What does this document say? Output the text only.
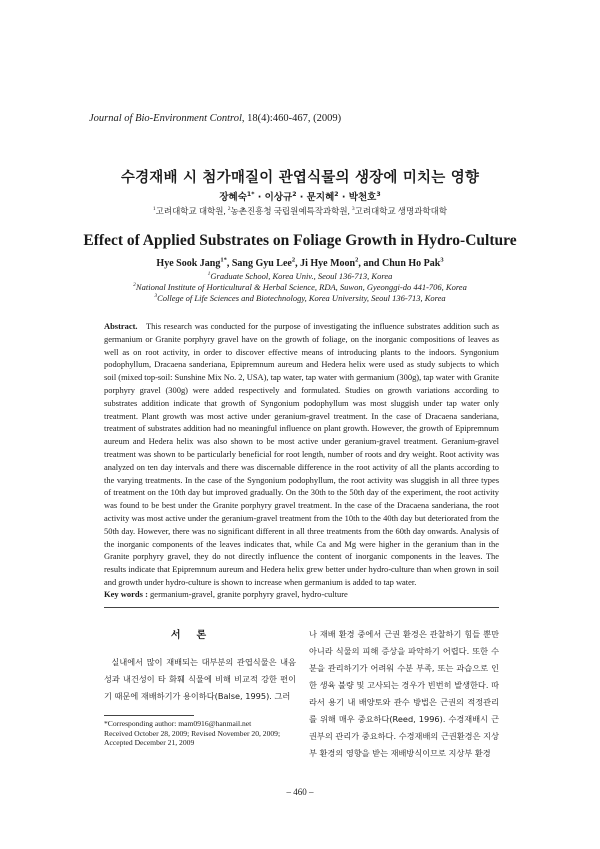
Journal of Bio-Environment Control, 18(4):460-467, (2009)
수경재배 시 첨가매질이 관엽식물의 생장에 미치는 영향
장혜숙$^{1*}$ · 이상규$^2$ · 문지혜$^2$ · 박천호$^3$
$^1$고려대학교 대학원, $^2$농촌진흥청 국립원예특작과학원, $^3$고려대학교 생명과학대학
Effect of Applied Substrates on Foliage Growth in Hydro-Culture
Hye Sook Jang$^{1*}$, Sang Gyu Lee$^2$, Ji Hye Moon$^2$, and Chun Ho Pak$^3$
$^1$Graduate School, Korea Univ., Seoul 136-713, Korea
$^2$National Institute of Horticultural & Herbal Science, RDA, Suwon, Gyeonggi-do 441-706, Korea
$^3$College of Life Sciences and Biotechnology, Korea University, Seoul 136-713, Korea
Abstract. This research was conducted for the purpose of investigating the influence substrates addition such as germanium or Granite porphyry gravel have on the growth of foliage, on the inorganic compositions of leaves as well as on root activity, in order to discover effective means of introducing plants to the indoors. Syngonium podophyllum, Dracaena sanderiana, Epipremnum aureum and Hedera helix were used as study subjects to which soil (mixed top-soil: Sunshine Mix No. 2, USA), tap water, tap water with germanium (300g), tap water with Granite porphyry gravel (300g) were added respectively and formulated. Studies on growth variations according to substrates addition indicate that growth of Syngonium podophyllum was most sluggish under tap water only treatment. Plant growth was most active under geranium-gravel treatment. In the case of Dracaena sanderiana, treatment of substrates addition had no meaningful influence on plant growth. However, the growth of Epipremnum aureum and Hedera helix was also shown to be most active under geranium-gravel treatment. Geranium-gravel treatment was shown to be particularly beneficial for root length, number of roots and dry weight. Root activity was analyzed on ten day intervals and there was discernable difference in the root activity of all the plants according to the varying treatments. In the case of the Syngonium podophyllum, the root activity was sluggish in all three types of treatment on the 10th day but improved gradually. On the 30th to the 50th day of the experiment, the root activity was found to be best under the Granite porphyry gravel treatment. In the case of the Dracaena sanderiana, the root activity was most active under the geranium-gravel treatment from the 10th to the 40th day but deteriorated from the 50th day. However, there was no significant different in all three treatments from the 60th day onwards. Analysis of the inorganic components of the leaves indicates that, while Ca and Mg were higher in the geranium than in the Granite porphyry gravel, they do not directly influence the content of inorganic components in the leaves. The results indicate that Epipremnum aureum and Hedera helix grew better under hydro-culture than when grown in soil and growth under hydro-culture is shown to increase when germanium is added to tap water.
Key words : germanium-gravel, granite porphyry gravel, hydro-culture
서론
실내에서 많이 재배되는 대부분의 관엽식물은 내음성과 내건성이 타 화훼 식물에 비해 비교적 강한 편이기 때문에 재배하기가 용이하다(Balse, 1995). 그러
나 재배 환경 중에서 근권 환경은 관찰하기 힘들 뿐만 아니라 식물의 피해 증상을 파악하기 어렵다. 또한 수분을 관리하기가 어려워 수분 부족, 또는 과습으로 인한 생육 불량 및 고사되는 경우가 빈번히 발생한다. 따라서 용기 내 배양토와 관수 방법은 근권의 적정관리를 위해 매우 중요하다(Reed, 1996). 수경재배시 근권부의 관리가 중요하다. 수경재배의 근권환경은 지상부 환경의 영향을 받는 재배방식이므로 지상부 환경
*Corresponding author: mam0916@hanmail.net
Received October 28, 2009; Revised November 20, 2009;
Accepted December 21, 2009
– 460 –
